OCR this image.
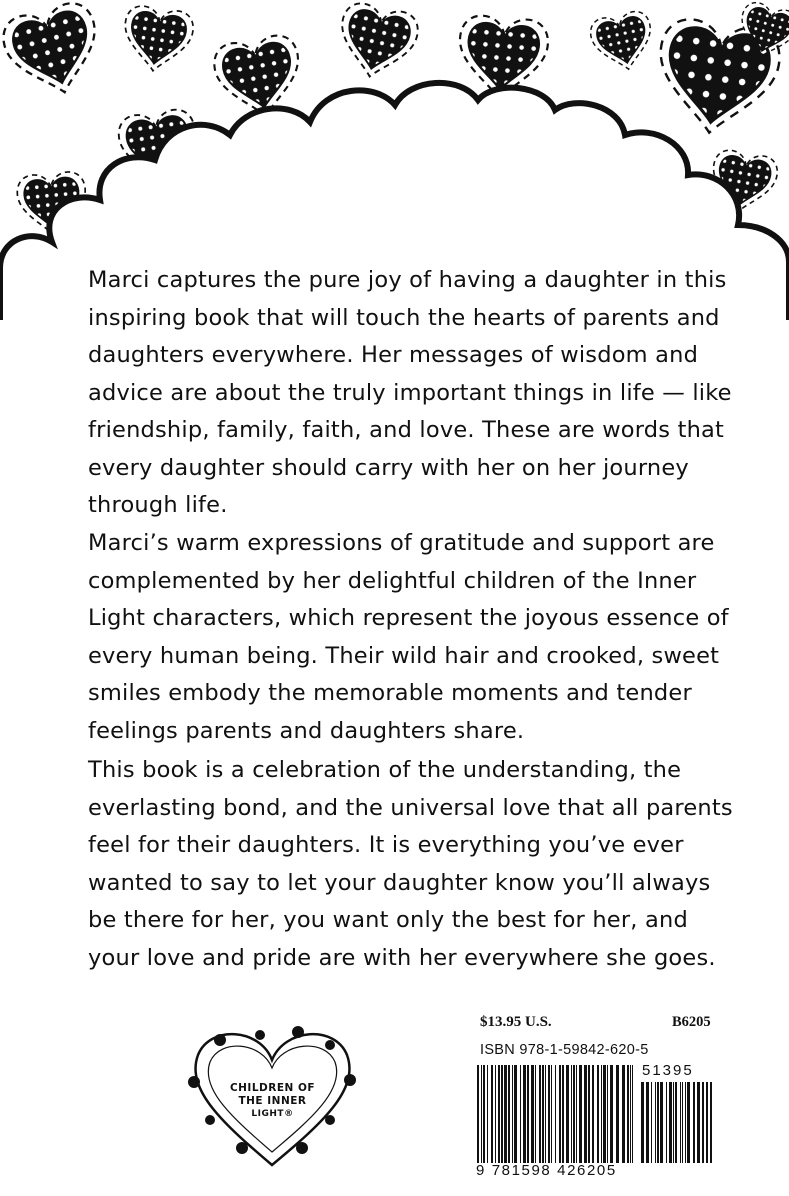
Marci captures the pure joy of having a daughter in this inspiring book that will touch the hearts of parents and daughters everywhere. Her messages of wisdom and advice are about the truly important things in life — like friendship, family, faith, and love. These are words that every daughter should carry with her on her journey through life.

Marci’s warm expressions of gratitude and support are complemented by her delightful children of the Inner Light characters, which represent the joyous essence of every human being. Their wild hair and crooked, sweet smiles embody the memorable moments and tender feelings parents and daughters share.

This book is a celebration of the understanding, the everlasting bond, and the universal love that all parents feel for their daughters. It is everything you’ve ever wanted to say to let your daughter know you’ll always be there for her, you want only the best for her, and your love and pride are with her everywhere she goes.

CHILDREN OF
THE INNER
LIGHT®
$13.95 U.S.	B6205
ISBN 978-1-59842-620-5
51395
9 781598 426205
